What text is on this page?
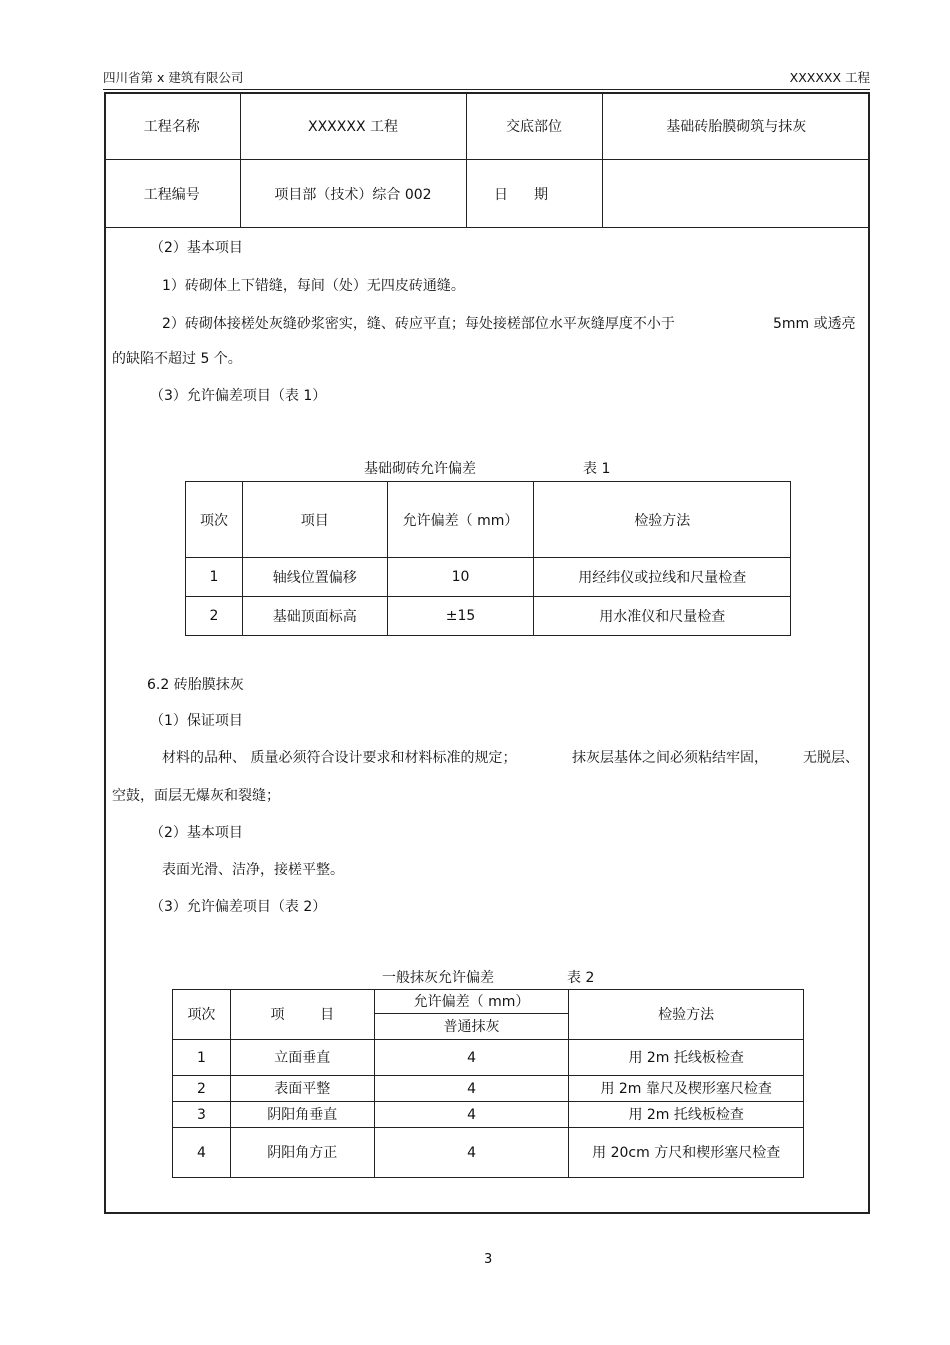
四川省第 x 建筑有限公司	XXXXXX 工程
工程名称	XXXXXX 工程	交底部位	基础砖胎膜砌筑与抹灰
工程编号	项目部（技术）综合 002	日期	
（2）基本项目
1）砖砌体上下错缝，每间（处）无四皮砖通缝。
2）砖砌体接槎处灰缝砂浆密实，缝、砖应平直；每处接槎部位水平灰缝厚度不小于	5mm 或透亮
的缺陷不超过 5 个。
（3）允许偏差项目（表 1）
基础砌砖允许偏差	表 1
项次	项目	允许偏差（ mm）	检验方法
1	轴线位置偏移	10	用经纬仪或拉线和尺量检查
2	基础顶面标高	±15	用水准仪和尺量检查
6.2 砖胎膜抹灰
（1）保证项目
材料的品种、 质量必须符合设计要求和材料标准的规定；	抹灰层基体之间必须粘结牢固，	无脱层、
空鼓，面层无爆灰和裂缝；
（2）基本项目
表面光滑、洁净，接槎平整。
（3）允许偏差项目（表 2）
一般抹灰允许偏差	表 2
项次	项        目	允许偏差（ mm）	检验方法
		普通抹灰	
1	立面垂直	4	用 2m 托线板检查
2	表面平整	4	用 2m 靠尺及楔形塞尺检查
3	阴阳角垂直	4	用 2m 托线板检查
4	阴阳角方正	4	用 20cm 方尺和楔形塞尺检查
3
